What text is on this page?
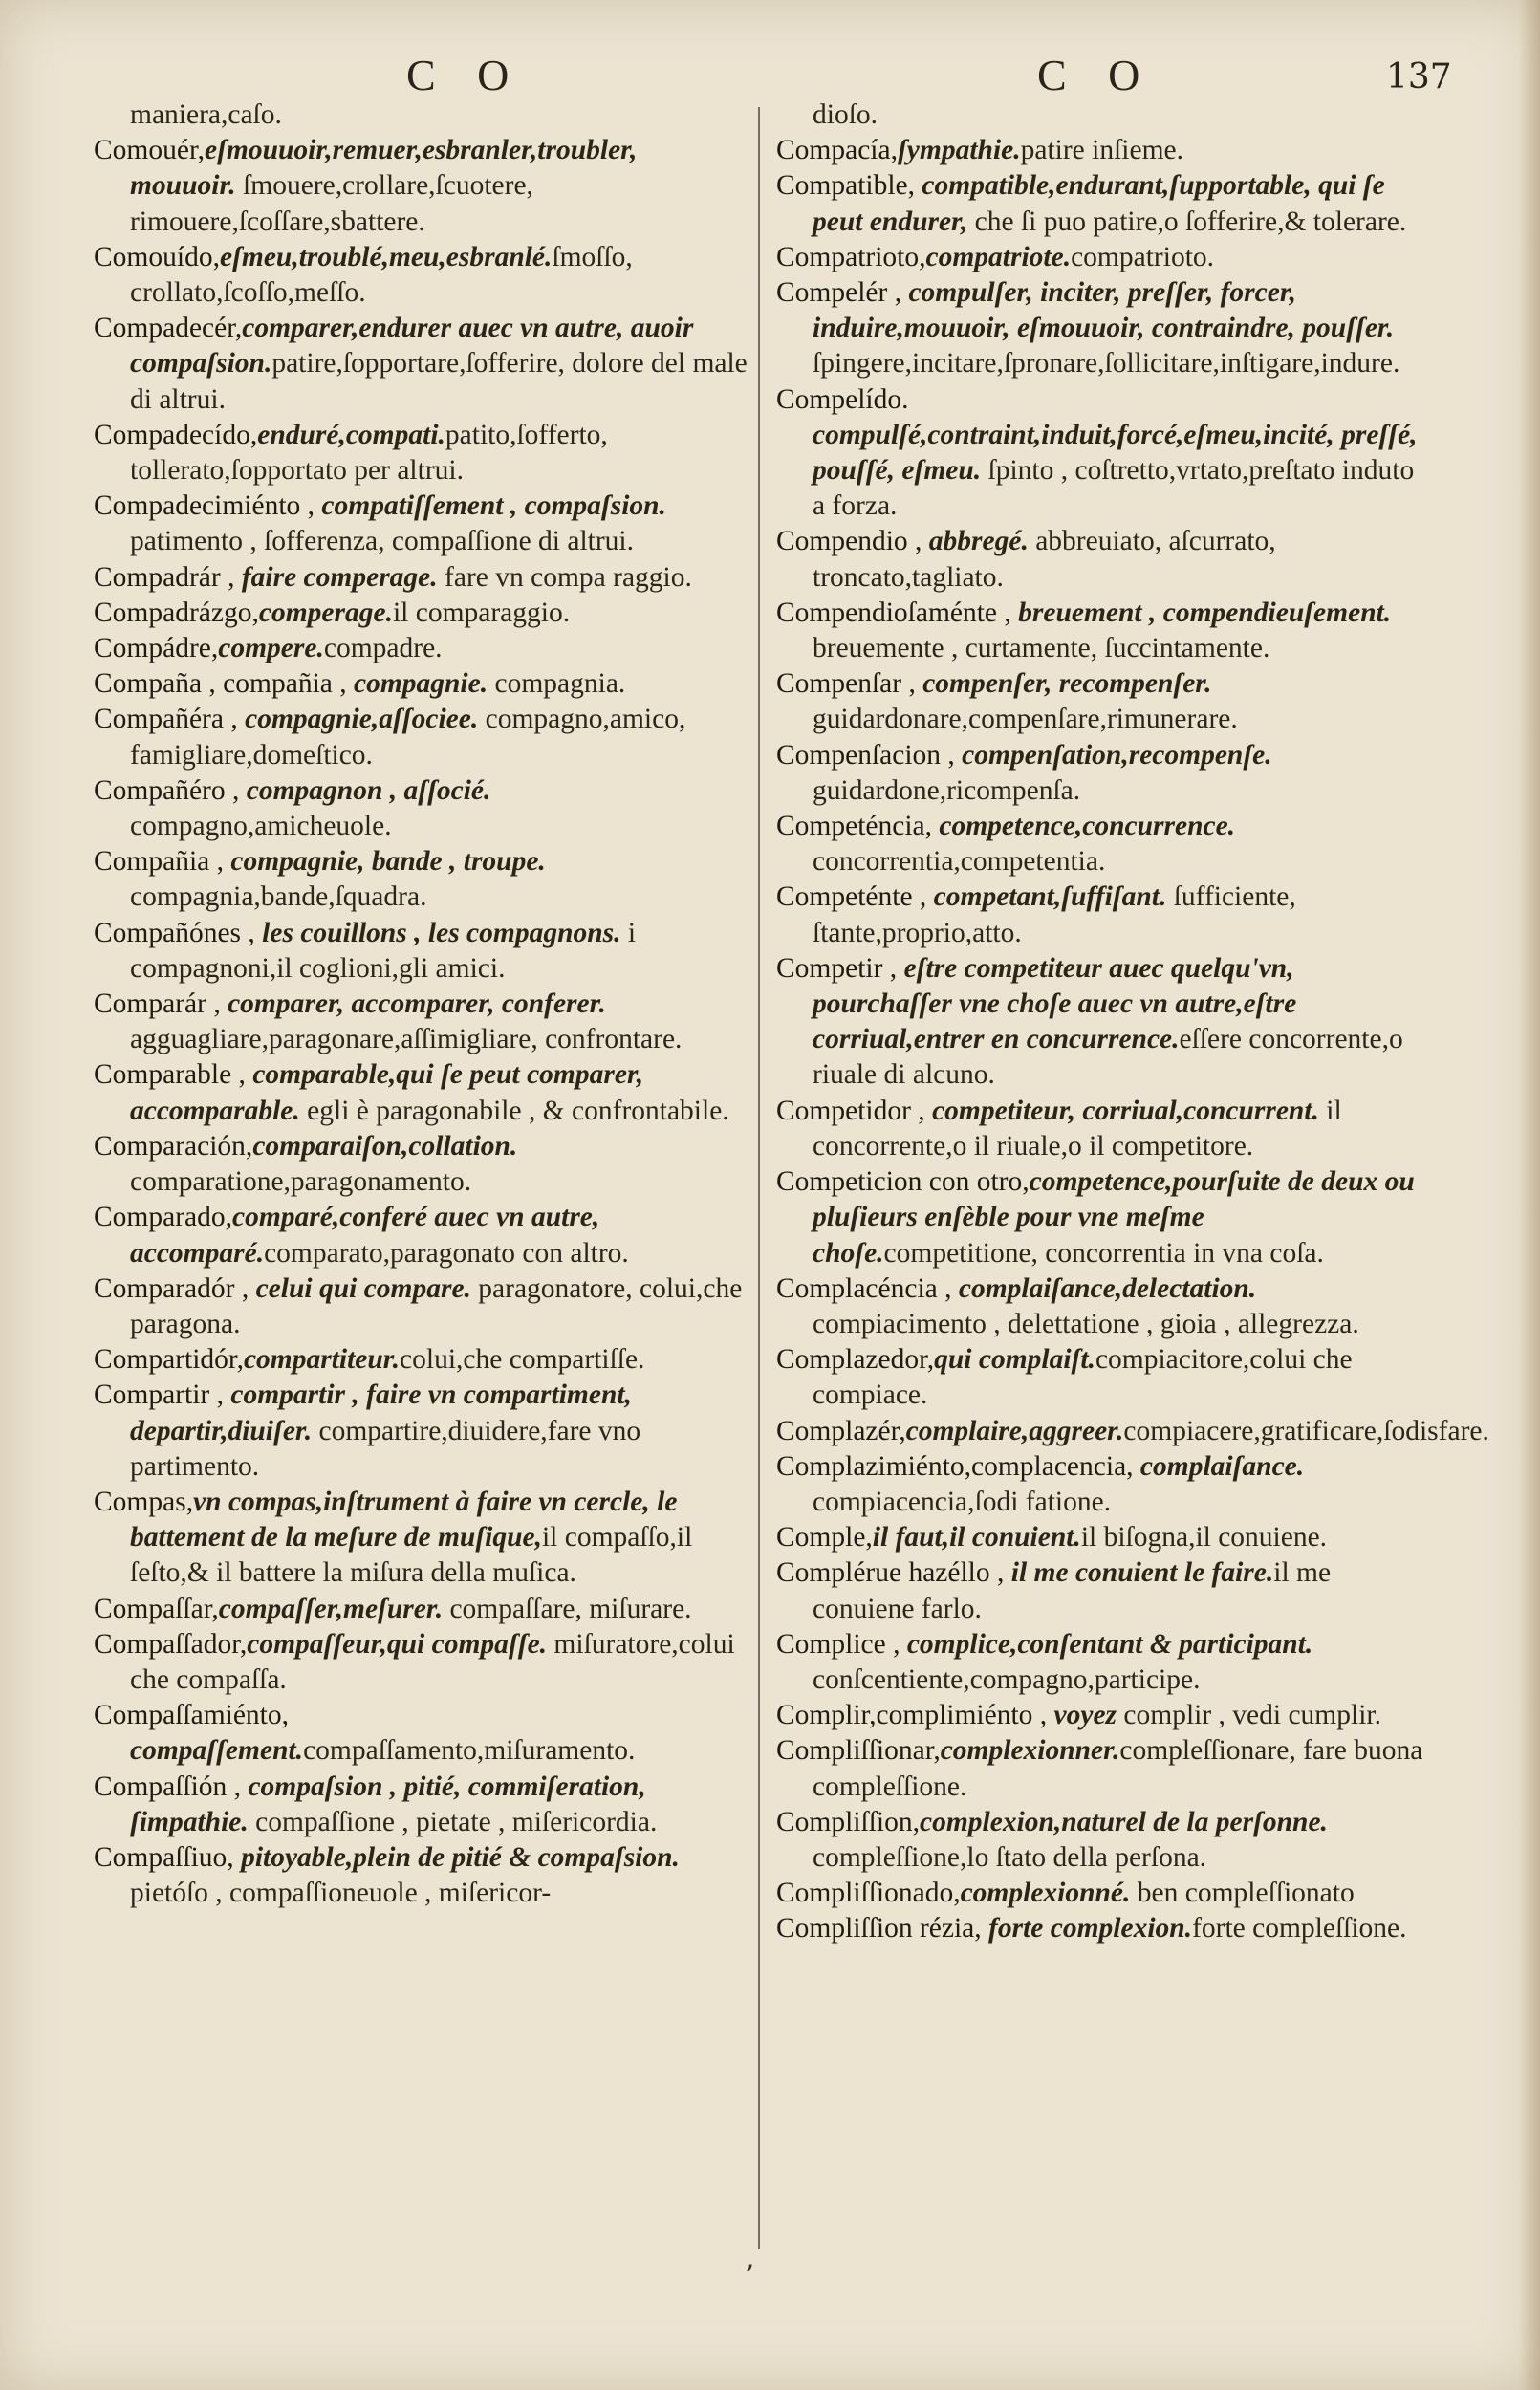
C O	C O	137

maniera,caſo.

Comouér,eſmouuoir,remuer,esbranler,troubler, mouuoir. ſmouere,crollare,ſcuotere, rimouere,ſcoſſare,sbattere.

Comouído,eſmeu,troublé,meu,esbranlé.ſmoſſo, crollato,ſcoſſo,meſſo.

Compadecér,comparer,endurer auec vn autre, auoir compaſsion.patire,ſopportare,ſofferire, dolore del male di altrui.

Compadecído,enduré,compati.patito,ſofferto, tollerato,ſopportato per altrui.

Compadecimiénto , compatiſſement , compaſsion. patimento , ſofferenza, compaſſione di altrui.

Compadrár , faire comperage. fare vn compa raggio.

Compadrázgo,comperage.il comparaggio.

Compádre,compere.compadre.

Compaña , compañia , compagnie. compagnia.

Compañéra , compagnie,aſſociee. compagno,amico, famigliare,domeſtico.

Compañéro , compagnon , aſſocié. compagno,amicheuole.

Compañia , compagnie, bande , troupe. compagnia,bande,ſquadra.

Compañónes , les couillons , les compagnons. i compagnoni,il coglioni,gli amici.

Comparár , comparer, accomparer, conferer. agguagliare,paragonare,aſſimigliare, confrontare.

Comparable , comparable,qui ſe peut comparer, accomparable. egli è paragonabile , & confrontabile.

Comparación,comparaiſon,collation. comparatione,paragonamento.

Comparado,comparé,conferé auec vn autre, accomparé.comparato,paragonato con altro.

Comparadór , celui qui compare. paragonatore, colui,che paragona.

Compartidór,compartiteur.colui,che compartiſſe.

Compartir , compartir , faire vn compartiment, departir,diuiſer. compartire,diuidere,fare vno partimento.

Compas,vn compas,inſtrument à faire vn cercle, le battement de la meſure de muſique,il compaſſo,il ſeſto,& il battere la miſura della muſica.

Compaſſar,compaſſer,meſurer. compaſſare, miſurare.

Compaſſador,compaſſeur,qui compaſſe. miſuratore,colui che compaſſa.

Compaſſamiénto, compaſſement.compaſſamento,miſuramento.

Compaſſión , compaſsion , pitié, commiſeration, ſimpathie. compaſſione , pietate , miſericordia.

Compaſſiuo, pitoyable,plein de pitié & compaſsion. pietóſo , compaſſioneuole , miſericor-

dioſo.

Compacía,ſympathie.patire inſieme.

Compatible, compatible,endurant,ſupportable, qui ſe peut endurer, che ſi puo patire,o ſofferire,& tolerare.

Compatrioto,compatriote.compatrioto.

Compelér , compulſer, inciter, preſſer, forcer, induire,mouuoir, eſmouuoir, contraindre, pouſſer. ſpingere,incitare,ſpronare,ſollicitare,inſtigare,indure.

Compelído. compulſé,contraint,induit,forcé,eſmeu,incité, preſſé, pouſſé, eſmeu. ſpinto , coſtretto,vrtato,preſtato induto a forza.

Compendio , abbregé. abbreuiato, aſcurrato, troncato,tagliato.

Compendioſaménte , breuement , compendieuſement. breuemente , curtamente, ſuccintamente.

Compenſar , compenſer, recompenſer. guidardonare,compenſare,rimunerare.

Compenſacion , compenſation,recompenſe. guidardone,ricompenſa.

Competéncia, competence,concurrence. concorrentia,competentia.

Competénte , competant,ſuffiſant. ſufficiente, ſtante,proprio,atto.

Competir , eſtre competiteur auec quelqu'vn, pourchaſſer vne choſe auec vn autre,eſtre corriual,entrer en concurrence.eſſere concorrente,o riuale di alcuno.

Competidor , competiteur, corriual,concurrent. il concorrente,o il riuale,o il competitore.

Competicion con otro,competence,pourſuite de deux ou pluſieurs enſèble pour vne meſme choſe.competitione, concorrentia in vna coſa.

Complacéncia , complaiſance,delectation. compiacimento , delettatione , gioia , allegrezza.

Complazedor,qui complaiſt.compiacitore,colui che compiace.

Complazér,complaire,aggreer.compiacere,gratificare,ſodisfare.

Complazimiénto,complacencia, complaiſance. compiacencia,ſodi fatione.

Comple,il faut,il conuient.il biſogna,il conuiene.

Complérue hazéllo , il me conuient le faire.il me conuiene farlo.

Complice , complice,conſentant & participant. conſcentiente,compagno,participe.

Complir,complimiénto , voyez complir , vedi cumplir.

Compliſſionar,complexionner.compleſſionare, fare buona compleſſione.

Compliſſion,complexion,naturel de la perſonne. compleſſione,lo ſtato della perſona.

Compliſſionado,complexionné. ben compleſſionato

Compliſſion rézia, forte complexion.forte compleſſione.

,
